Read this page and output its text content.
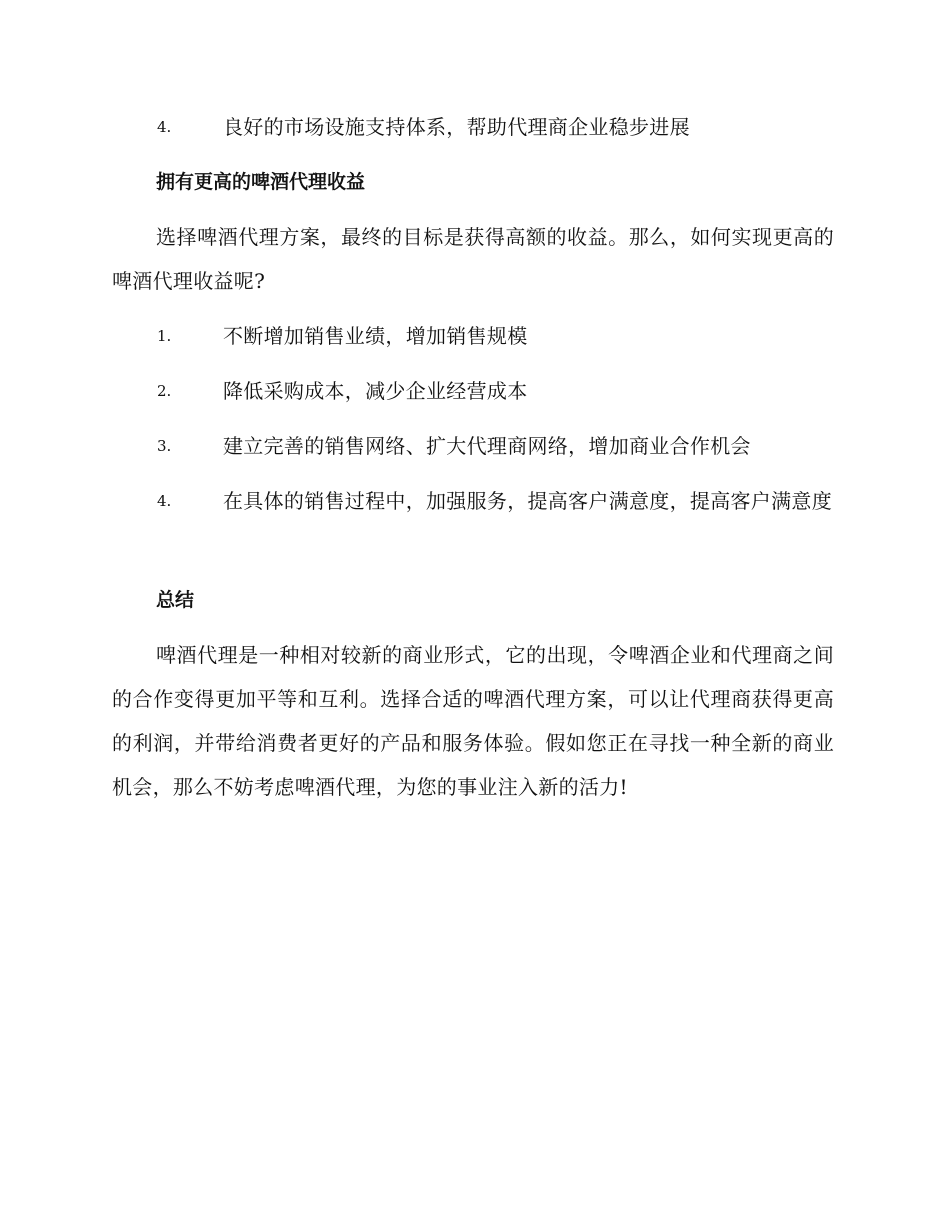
4.	良好的市场设施支持体系，帮助代理商企业稳步进展
拥有更高的啤酒代理收益
选择啤酒代理方案，最终的目标是获得高额的收益。那么，如何实现更高的啤酒代理收益呢?
1.	不断增加销售业绩，增加销售规模
2.	降低采购成本，减少企业经营成本
3.	建立完善的销售网络、扩大代理商网络，增加商业合作机会
4.	在具体的销售过程中，加强服务，提高客户满意度，提高客户满意度
总结
啤酒代理是一种相对较新的商业形式，它的出现，令啤酒企业和代理商之间的合作变得更加平等和互利。选择合适的啤酒代理方案，可以让代理商获得更高的利润，并带给消费者更好的产品和服务体验。假如您正在寻找一种全新的商业机会，那么不妨考虑啤酒代理，为您的事业注入新的活力!
